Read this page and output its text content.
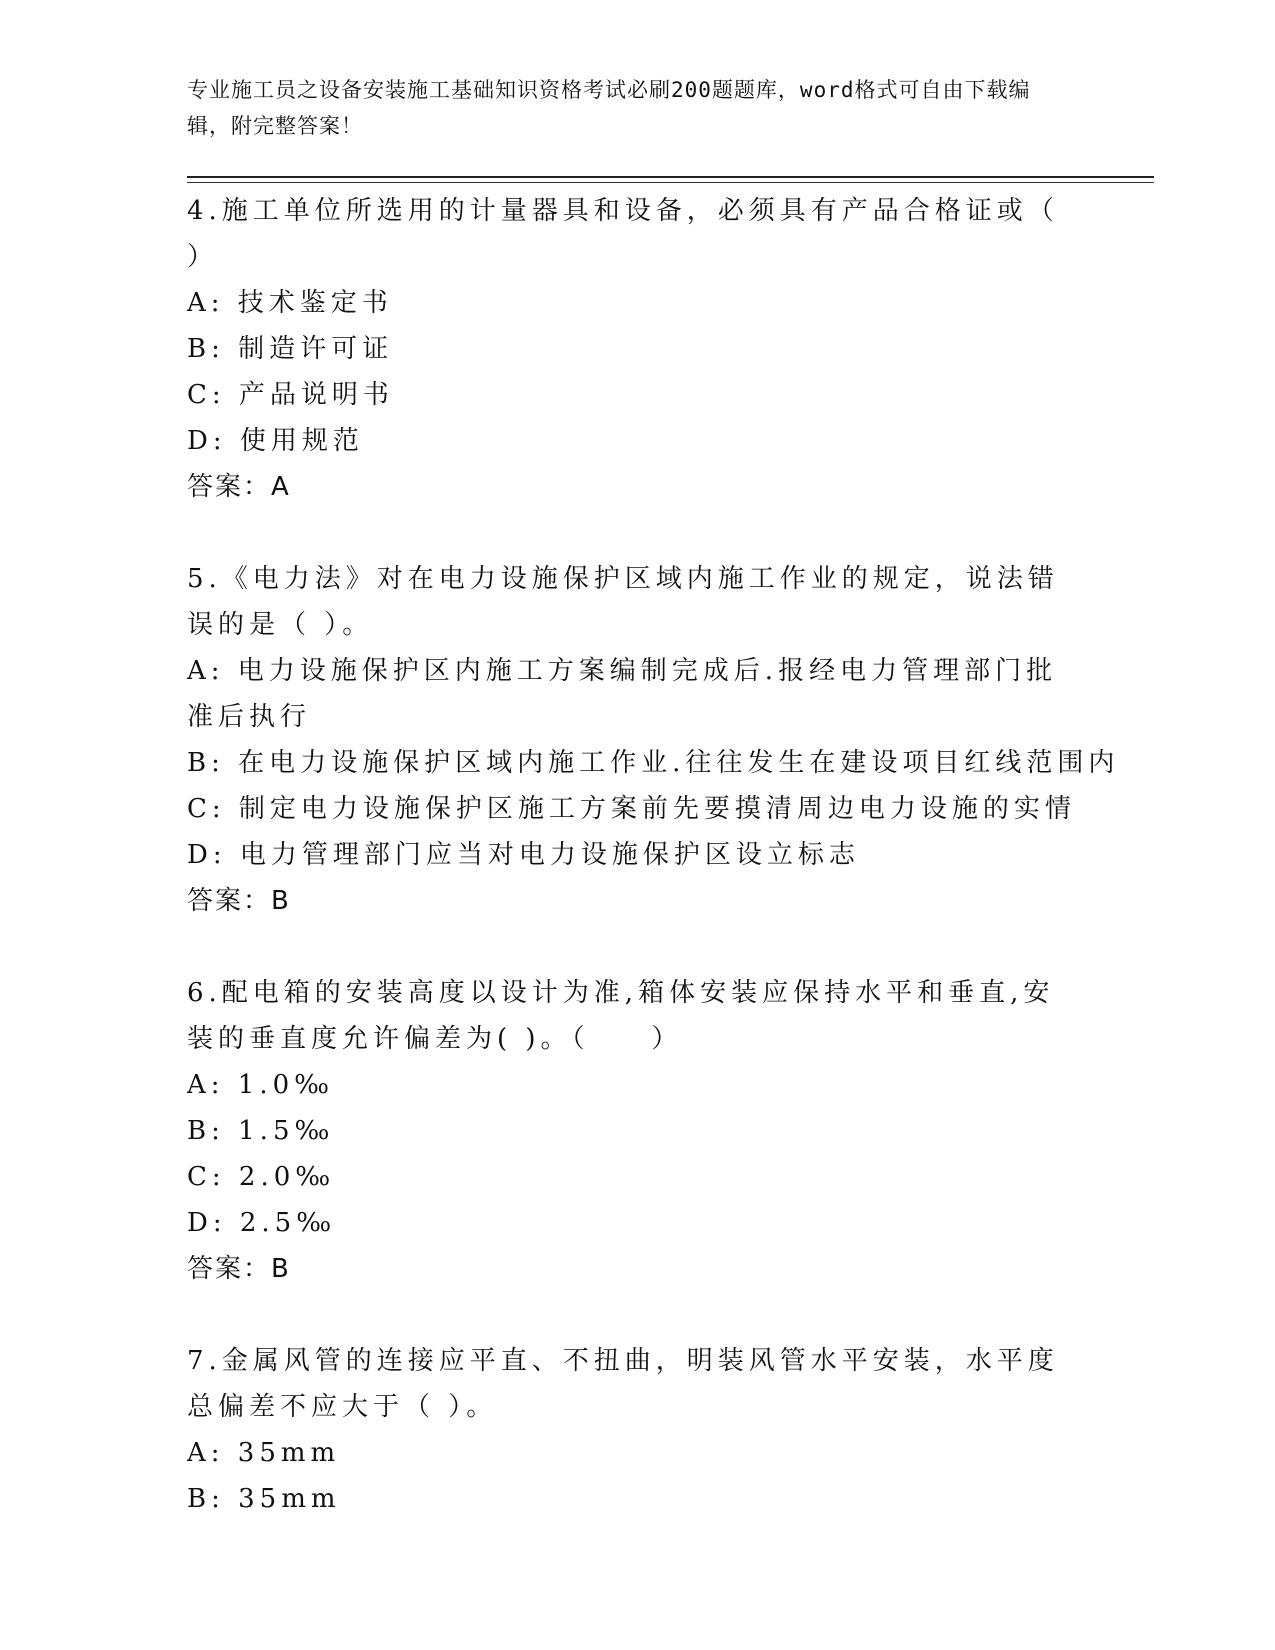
专业施工员之设备安装施工基础知识资格考试必刷200题题库，word格式可自由下载编辑，附完整答案！
4.施工单位所选用的计量器具和设备，必须具有产品合格证或（ ）
A: 技术鉴定书
B: 制造许可证
C: 产品说明书
D: 使用规范
答案：A
5.《电力法》对在电力设施保护区域内施工作业的规定，说法错误的是（ ）。
A: 电力设施保护区内施工方案编制完成后.报经电力管理部门批准后执行
B: 在电力设施保护区域内施工作业.往往发生在建设项目红线范围内
C: 制定电力设施保护区施工方案前先要摸清周边电力设施的实情
D: 电力管理部门应当对电力设施保护区设立标志
答案：B
6.配电箱的安装高度以设计为准,箱体安装应保持水平和垂直,安装的垂直度允许偏差为( )。（　　）
A: 1.0‰
B: 1.5‰
C: 2.0‰
D: 2.5‰
答案：B
7.金属风管的连接应平直、不扭曲，明装风管水平安装，水平度总偏差不应大于（ ）。
A: 35mm
B: 35mm
